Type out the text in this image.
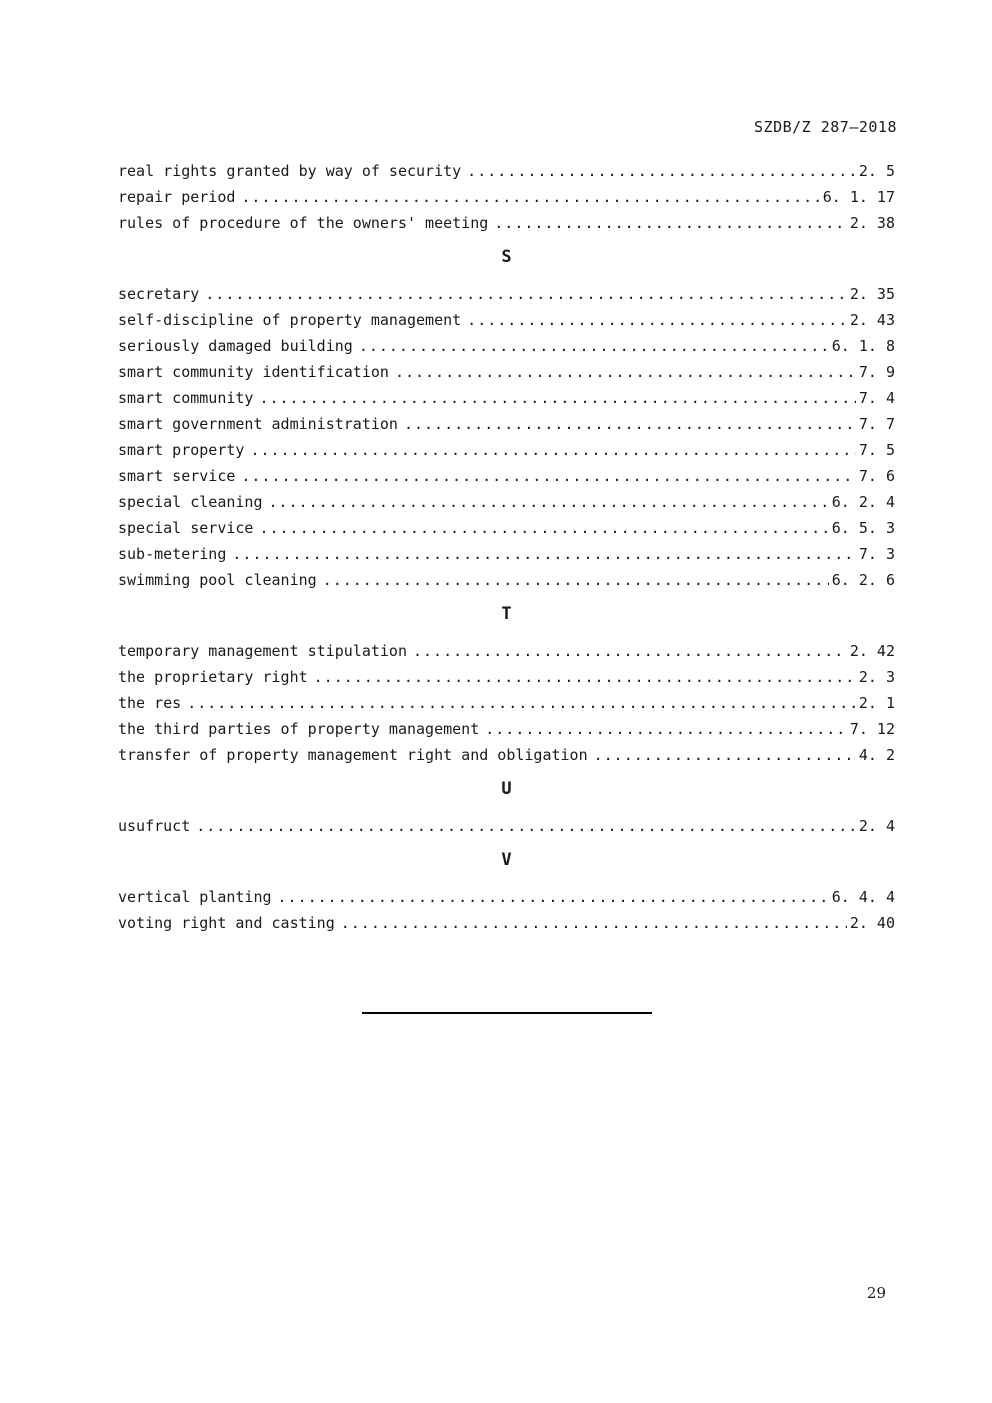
SZDB/Z 287—2018
real rights granted by way of security .....	2. 5
repair period .....	6. 1. 17
rules of procedure of the owners' meeting .....	2. 38
S
secretary .....	2. 35
self-discipline of property management .....	2. 43
seriously damaged building .....	6. 1. 8
smart community identification .....	7. 9
smart community .....	7. 4
smart government administration .....	7. 7
smart property .....	7. 5
smart service .....	7. 6
special cleaning .....	6. 2. 4
special service .....	6. 5. 3
sub-metering .....	7. 3
swimming pool cleaning .....	6. 2. 6
T
temporary management stipulation .....	2. 42
the proprietary right .....	2. 3
the res .....	2. 1
the third parties of property management .....	7. 12
transfer of property management right and obligation .....	4. 2
U
usufruct .....	2. 4
V
vertical planting .....	6. 4. 4
voting right and casting .....	2. 40
29
